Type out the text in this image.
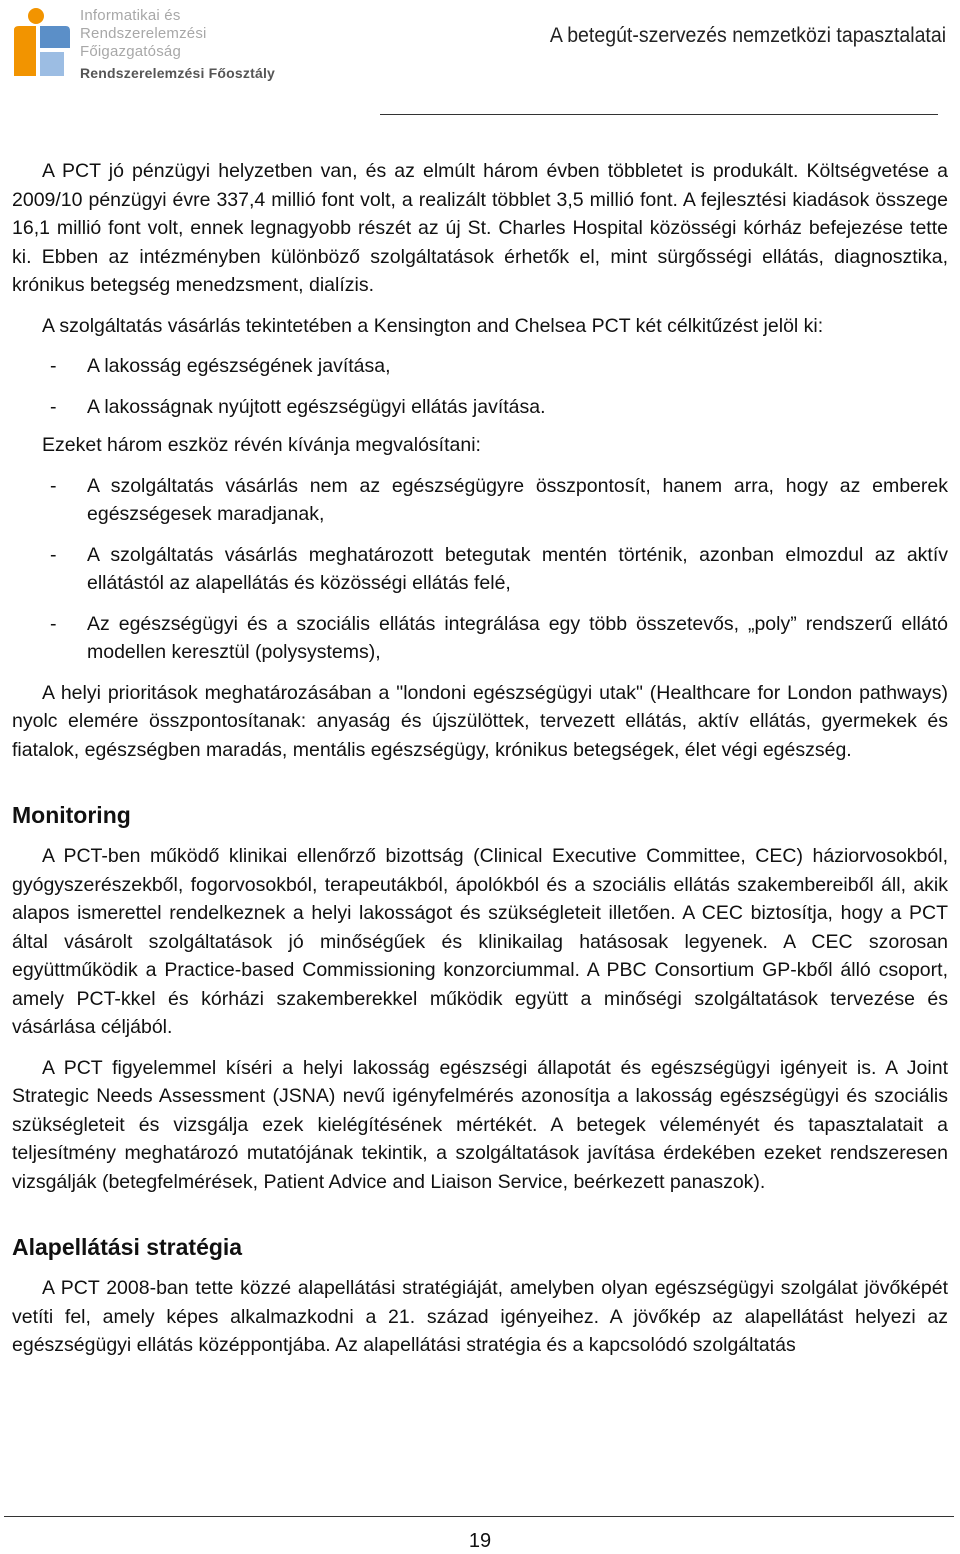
Informatikai és
Rendszerelemzési
Főigazgatóság
Rendszerelemzési Főosztály
A betegút-szervezés nemzetközi tapasztalatai

A PCT jó pénzügyi helyzetben van, és az elmúlt három évben többletet is produkált. Költségvetése a 2009/10 pénzügyi évre 337,4 millió font volt, a realizált többlet 3,5 millió font. A fejlesztési kiadások összege 16,1 millió font volt, ennek legnagyobb részét az új St. Charles Hospital közösségi kórház befejezése tette ki. Ebben az intézményben különböző szolgáltatások érhetők el, mint sürgősségi ellátás, diagnosztika, krónikus betegség menedzsment, dialízis.

A szolgáltatás vásárlás tekintetében a Kensington and Chelsea PCT két célkitűzést jelöl ki:

- A lakosság egészségének javítása,
- A lakosságnak nyújtott egészségügyi ellátás javítása.

Ezeket három eszköz révén kívánja megvalósítani:

- A szolgáltatás vásárlás nem az egészségügyre összpontosít, hanem arra, hogy az emberek egészségesek maradjanak,
- A szolgáltatás vásárlás meghatározott betegutak mentén történik, azonban elmozdul az aktív ellátástól az alapellátás és közösségi ellátás felé,
- Az egészségügyi és a szociális ellátás integrálása egy több összetevős, „poly” rendszerű ellátó modellen keresztül (polysystems),

A helyi prioritások meghatározásában a "londoni egészségügyi utak" (Healthcare for London pathways) nyolc elemére összpontosítanak: anyaság és újszülöttek, tervezett ellátás, aktív ellátás, gyermekek és fiatalok, egészségben maradás, mentális egészségügy, krónikus betegségek, élet végi egészség.

Monitoring

A PCT-ben működő klinikai ellenőrző bizottság (Clinical Executive Committee, CEC) háziorvosokból, gyógyszerészekből, fogorvosokból, terapeutákból, ápolókból és a szociális ellátás szakembereiből áll, akik alapos ismerettel rendelkeznek a helyi lakosságot és szükségleteit illetően. A CEC biztosítja, hogy a PCT által vásárolt szolgáltatások jó minőségűek és klinikailag hatásosak legyenek. A CEC szorosan együttműködik a Practice-based Commissioning konzorciummal. A PBC Consortium GP-kből álló csoport, amely PCT-kkel és kórházi szakemberekkel működik együtt a minőségi szolgáltatások tervezése és vásárlása céljából.

A PCT figyelemmel kíséri a helyi lakosság egészségi állapotát és egészségügyi igényeit is. A Joint Strategic Needs Assessment (JSNA) nevű igényfelmérés azonosítja a lakosság egészségügyi és szociális szükségleteit és vizsgálja ezek kielégítésének mértékét. A betegek véleményét és tapasztalatait a teljesítmény meghatározó mutatójának tekintik, a szolgáltatások javítása érdekében ezeket rendszeresen vizsgálják (betegfelmérések, Patient Advice and Liaison Service, beérkezett panaszok).

Alapellátási stratégia

A PCT 2008-ban tette közzé alapellátási stratégiáját, amelyben olyan egészségügyi szolgálat jövőképét vetíti fel, amely képes alkalmazkodni a 21. század igényeihez. A jövőkép az alapellátást helyezi az egészségügyi ellátás középpontjába. Az alapellátási stratégia és a kapcsolódó szolgáltatás

19
